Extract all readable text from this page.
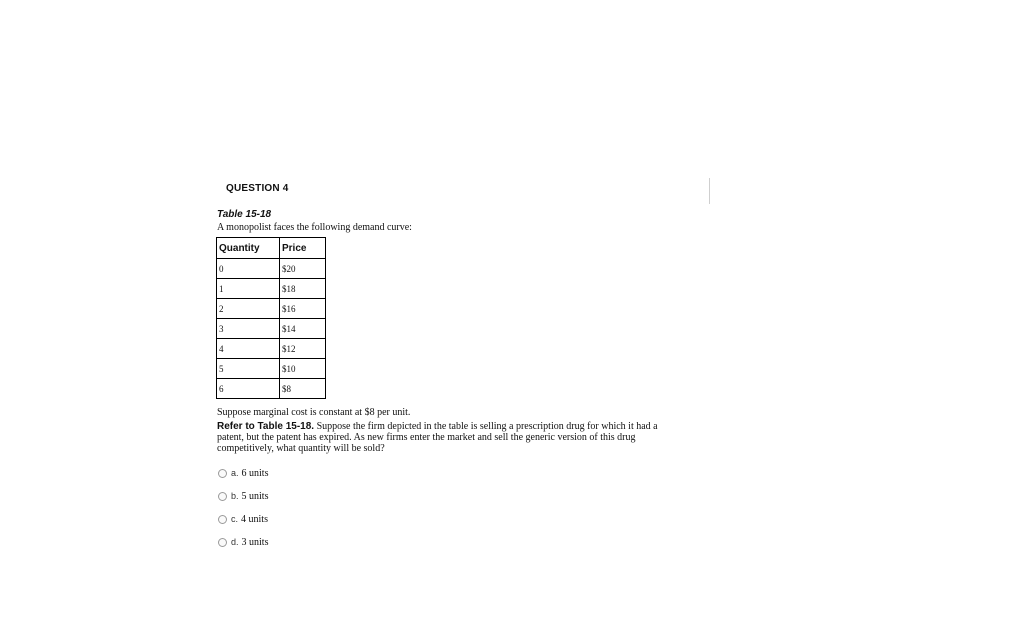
QUESTION 4
Table 15-18
A monopolist faces the following demand curve:
Quantity	Price
0	$20
1	$18
2	$16
3	$14
4	$12
5	$10
6	$8
Suppose marginal cost is constant at $8 per unit.
Refer to Table 15-18. Suppose the firm depicted in the table is selling a prescription drug for which it had a patent, but the patent has expired. As new firms enter the market and sell the generic version of this drug competitively, what quantity will be sold?
a. 6 units
b. 5 units
c. 4 units
d. 3 units
